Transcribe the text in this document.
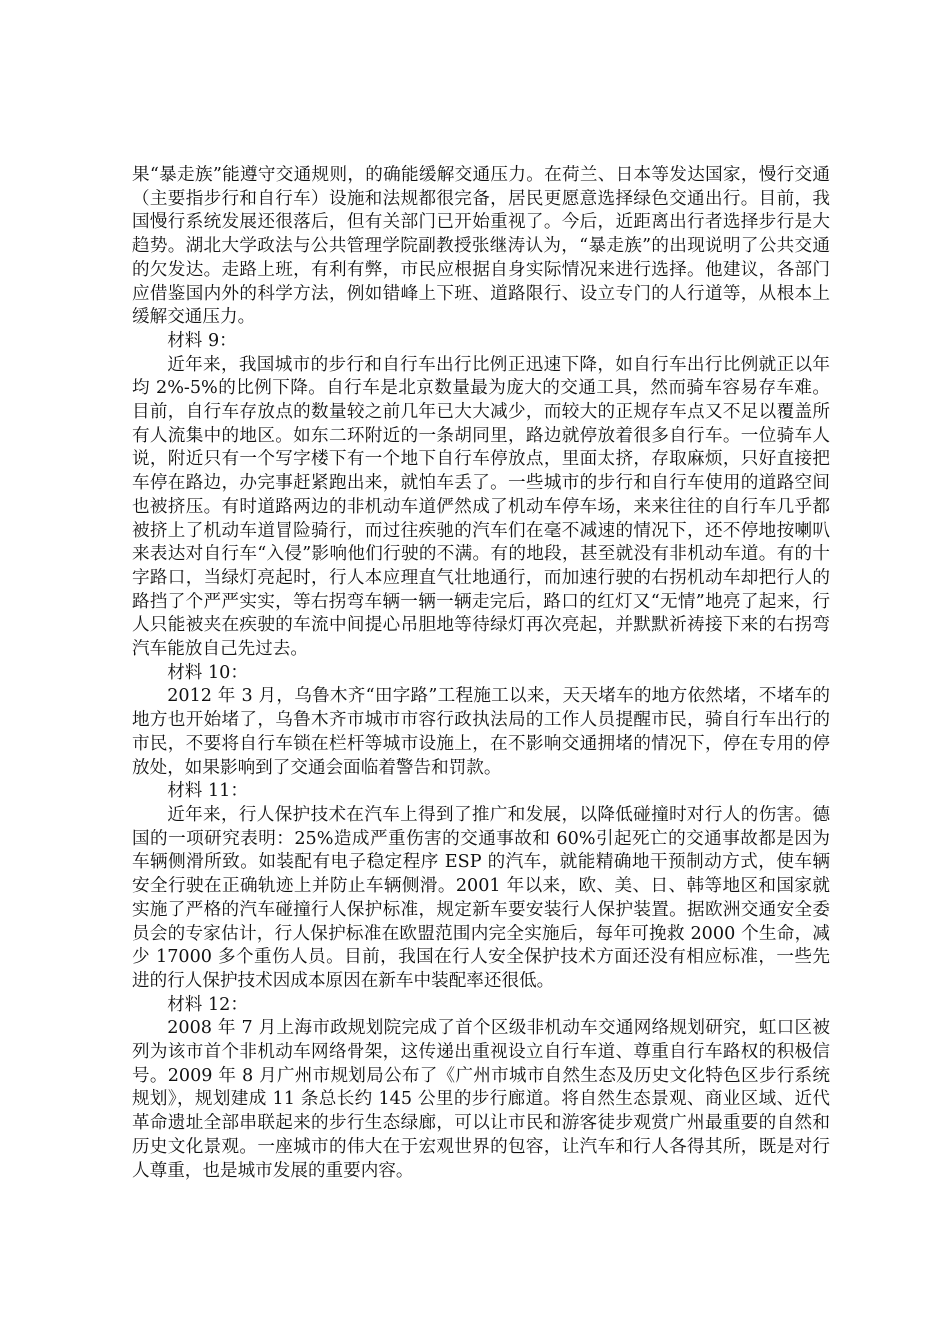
果“暴走族”能遵守交通规则，的确能缓解交通压力。在荷兰、日本等发达国家，慢行交通（主要指步行和自行车）设施和法规都很完备，居民更愿意选择绿色交通出行。目前，我国慢行系统发展还很落后，但有关部门已开始重视了。今后，近距离出行者选择步行是大趋势。湖北大学政法与公共管理学院副教授张继涛认为，“暴走族”的出现说明了公共交通的欠发达。走路上班，有利有弊，市民应根据自身实际情况来进行选择。他建议，各部门应借鉴国内外的科学方法，例如错峰上下班、道路限行、设立专门的人行道等，从根本上缓解交通压力。

材料 9：

近年来，我国城市的步行和自行车出行比例正迅速下降，如自行车出行比例就正以年均 2%-5%的比例下降。自行车是北京数量最为庞大的交通工具，然而骑车容易存车难。目前，自行车存放点的数量较之前几年已大大减少，而较大的正规存车点又不足以覆盖所有人流集中的地区。如东二环附近的一条胡同里，路边就停放着很多自行车。一位骑车人说，附近只有一个写字楼下有一个地下自行车停放点，里面太挤，存取麻烦，只好直接把车停在路边，办完事赶紧跑出来，就怕车丢了。一些城市的步行和自行车使用的道路空间也被挤压。有时道路两边的非机动车道俨然成了机动车停车场，来来往往的自行车几乎都被挤上了机动车道冒险骑行，而过往疾驰的汽车们在毫不减速的情况下，还不停地按喇叭来表达对自行车“入侵”影响他们行驶的不满。有的地段，甚至就没有非机动车道。有的十字路口，当绿灯亮起时，行人本应理直气壮地通行，而加速行驶的右拐机动车却把行人的路挡了个严严实实，等右拐弯车辆一辆一辆走完后，路口的红灯又“无情”地亮了起来，行人只能被夹在疾驶的车流中间提心吊胆地等待绿灯再次亮起，并默默祈祷接下来的右拐弯汽车能放自己先过去。

材料 10：

2012 年 3 月，乌鲁木齐“田字路”工程施工以来，天天堵车的地方依然堵，不堵车的地方也开始堵了，乌鲁木齐市城市市容行政执法局的工作人员提醒市民，骑自行车出行的市民，不要将自行车锁在栏杆等城市设施上，在不影响交通拥堵的情况下，停在专用的停放处，如果影响到了交通会面临着警告和罚款。

材料 11：

近年来，行人保护技术在汽车上得到了推广和发展，以降低碰撞时对行人的伤害。德国的一项研究表明：25%造成严重伤害的交通事故和 60%引起死亡的交通事故都是因为车辆侧滑所致。如装配有电子稳定程序 ESP 的汽车，就能精确地干预制动方式，使车辆安全行驶在正确轨迹上并防止车辆侧滑。2001 年以来，欧、美、日、韩等地区和国家就实施了严格的汽车碰撞行人保护标准，规定新车要安装行人保护装置。据欧洲交通安全委员会的专家估计，行人保护标准在欧盟范围内完全实施后，每年可挽救 2000 个生命，减少 17000 多个重伤人员。目前，我国在行人安全保护技术方面还没有相应标准，一些先进的行人保护技术因成本原因在新车中装配率还很低。

材料 12：

2008 年 7 月上海市政规划院完成了首个区级非机动车交通网络规划研究，虹口区被列为该市首个非机动车网络骨架，这传递出重视设立自行车道、尊重自行车路权的积极信号。2009 年 8 月广州市规划局公布了《广州市城市自然生态及历史文化特色区步行系统规划》，规划建成 11 条总长约 145 公里的步行廊道。将自然生态景观、商业区域、近代革命遗址全部串联起来的步行生态绿廊，可以让市民和游客徒步观赏广州最重要的自然和历史文化景观。一座城市的伟大在于宏观世界的包容，让汽车和行人各得其所，既是对行人尊重，也是城市发展的重要内容。
